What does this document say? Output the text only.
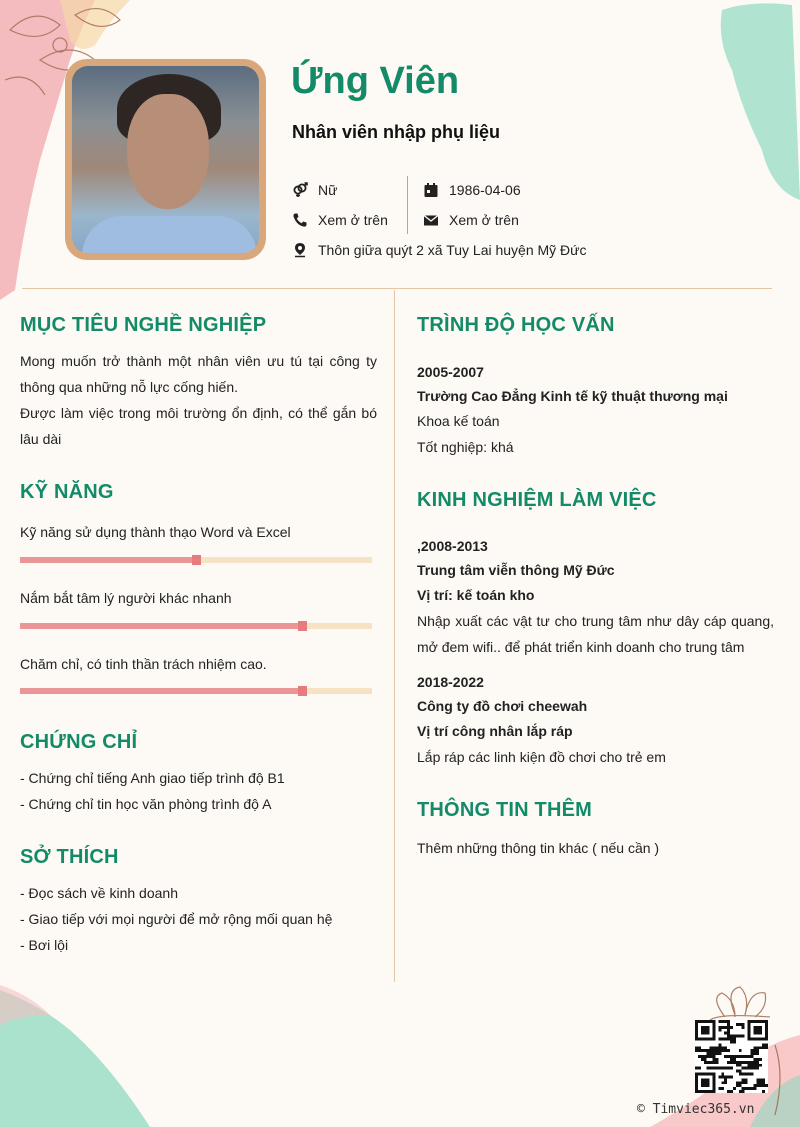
Ứng Viên
Nhân viên nhập phụ liệu
Nữ
Xem ở trên
1986-04-06
Xem ở trên
Thôn giữa quýt 2 xã Tuy Lai huyện Mỹ Đức
MỤC TIÊU NGHỀ NGHIỆP

Mong muốn trở thành một nhân viên ưu tú tại công ty thông qua những nỗ lực cống hiến.

Được làm việc trong môi trường ổn định, có thể gắn bó lâu dài

KỸ NĂNG

Kỹ năng sử dụng thành thạo Word và Excel

Nắm bắt tâm lý người khác nhanh

Chăm chỉ, có tinh thần trách nhiệm cao.

CHỨNG CHỈ

- Chứng chỉ tiếng Anh giao tiếp trình độ B1

- Chứng chỉ tin học văn phòng trình độ A

SỞ THÍCH

- Đọc sách về kinh doanh

- Giao tiếp với mọi người để mở rộng mối quan hệ

- Bơi lội

TRÌNH ĐỘ HỌC VẤN

2005-2007

Trường Cao Đẳng Kinh tế kỹ thuật thương mại

Khoa kế toán

Tốt nghiệp: khá

KINH NGHIỆM LÀM VIỆC

,2008-2013

Trung tâm viễn thông Mỹ Đức

Vị trí: kế toán kho

Nhập xuất các vật tư cho trung tâm như dây cáp quang, mở đem wifi.. để phát triển kinh doanh cho trung tâm

2018-2022

Công ty đồ chơi cheewah

Vị trí công nhân lắp ráp

Lắp ráp các linh kiện đồ chơi cho trẻ em

THÔNG TIN THÊM

Thêm những thông tin khác ( nếu cần )

© Timviec365.vn
